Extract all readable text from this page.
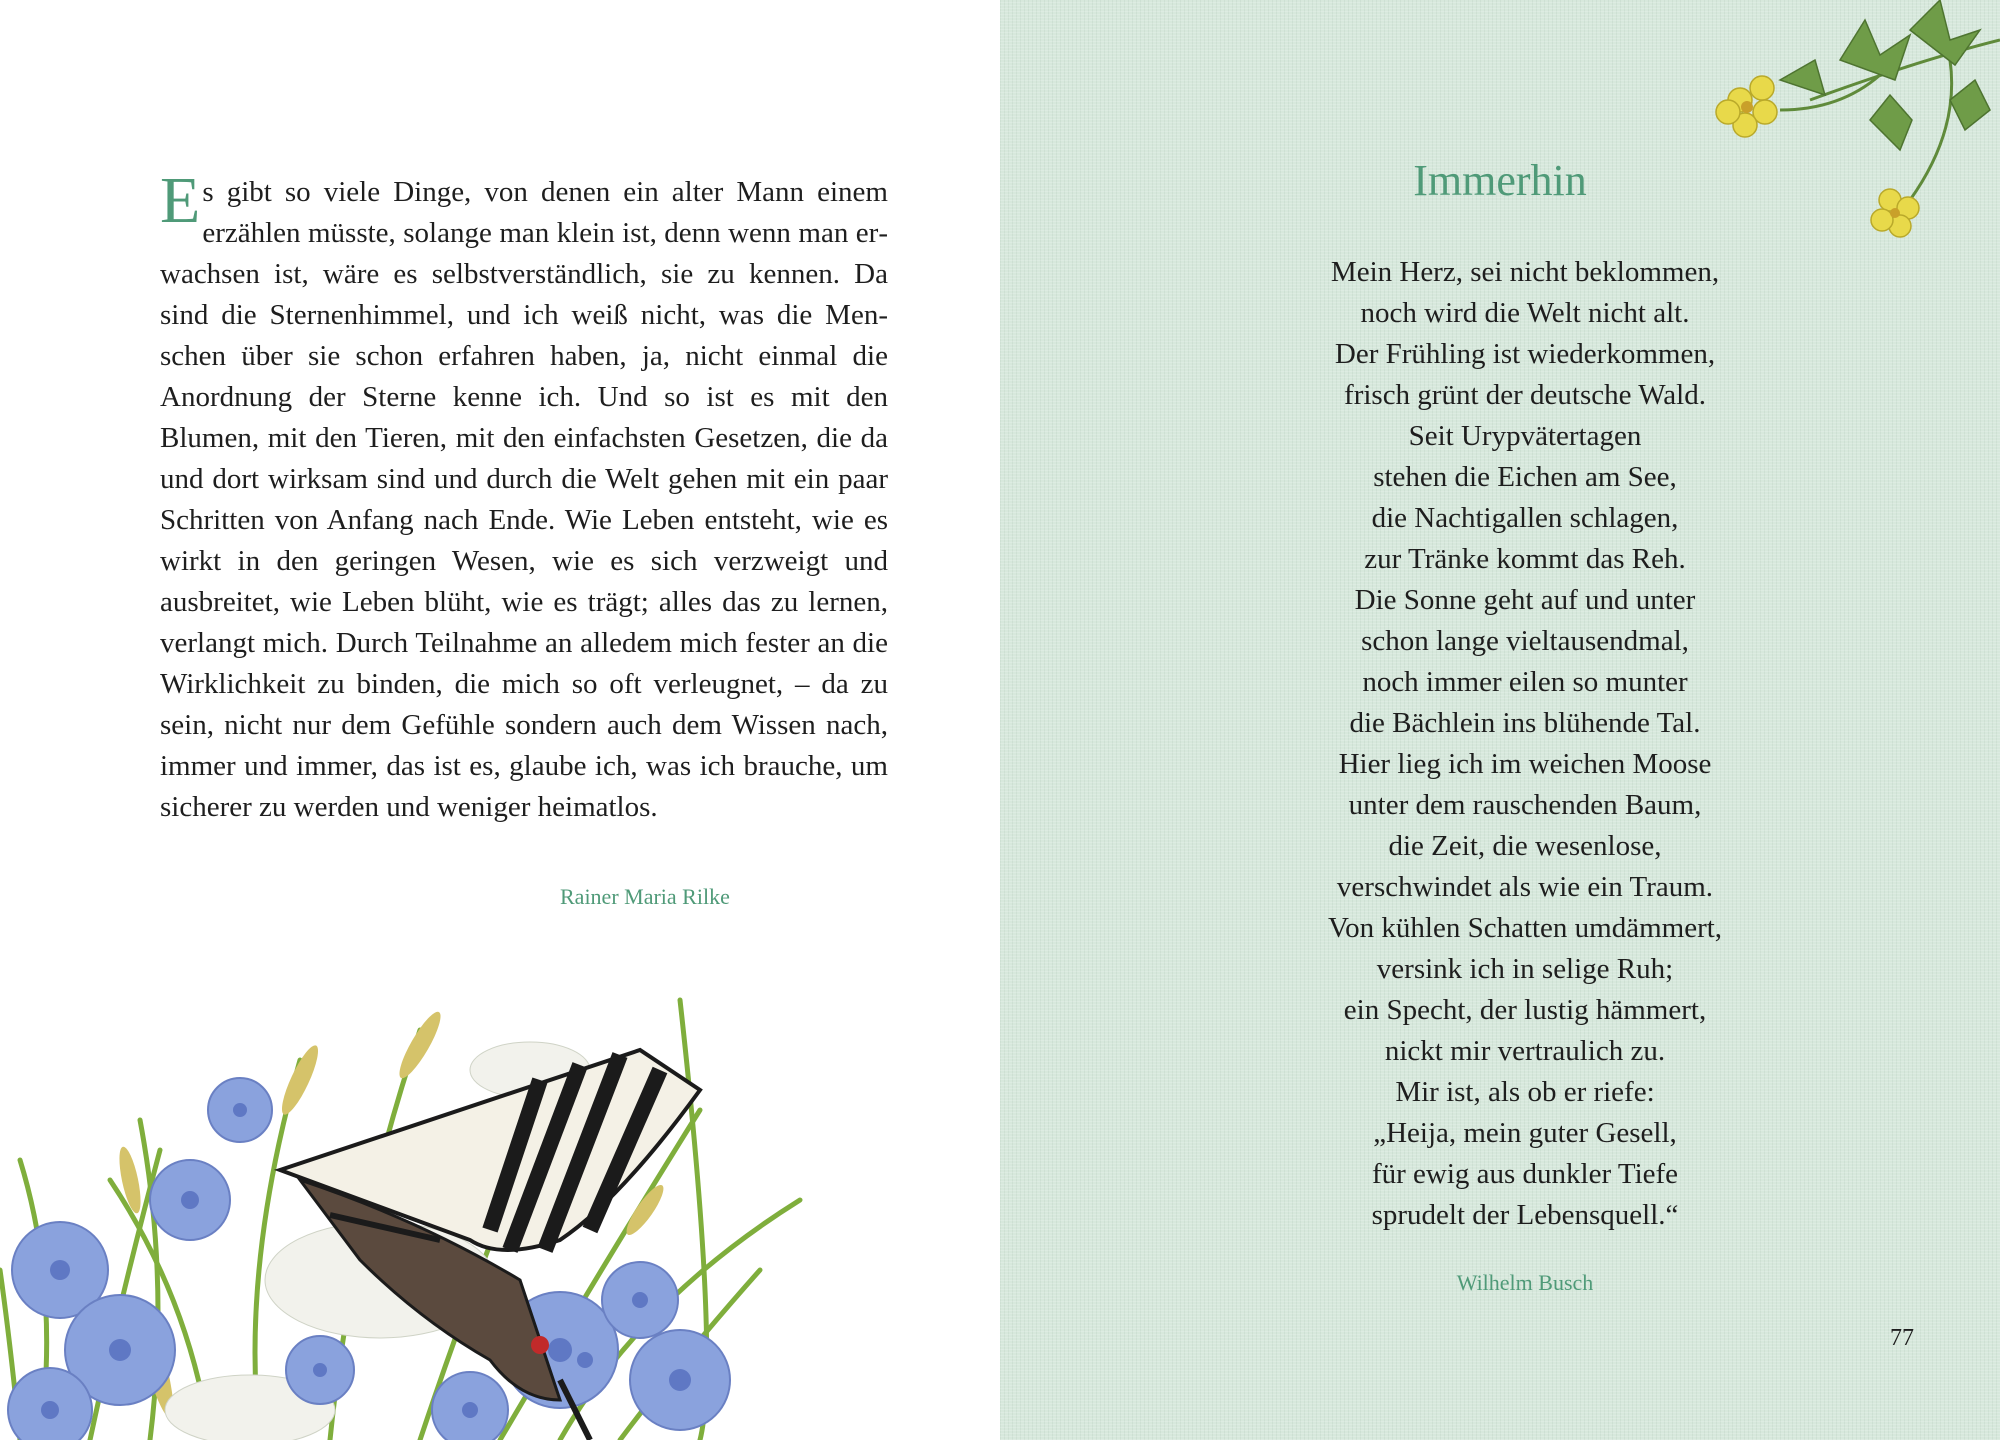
Es gibt so viele Dinge, von denen ein alter Mann einem erzählen müsste, solange man klein ist, denn wenn man erwachsen ist, wäre es selbstverständlich, sie zu kennen. Da sind die Sternenhimmel, und ich weiß nicht, was die Menschen über sie schon erfahren haben, ja, nicht einmal die Anordnung der Sterne kenne ich. Und so ist es mit den Blumen, mit den Tieren, mit den einfachsten Gesetzen, die da und dort wirksam sind und durch die Welt gehen mit ein paar Schritten von Anfang nach Ende. Wie Leben entsteht, wie es wirkt in den geringen Wesen, wie es sich verzweigt und ausbreitet, wie Leben blüht, wie es trägt; alles das zu lernen, verlangt mich. Durch Teilnahme an alledem mich fester an die Wirklichkeit zu binden, die mich so oft verleugnet, – da zu sein, nicht nur dem Gefühle sondern auch dem Wissen nach, immer und immer, das ist es, glaube ich, was ich brauche, um sicherer zu werden und weniger heimatlos.

Rainer Maria Rilke

Immerhin
Mein Herz, sei nicht beklommen,
noch wird die Welt nicht alt.
Der Frühling ist wiederkommen,
frisch grünt der deutsche Wald.
Seit Urурvätertagen
stehen die Eichen am See,
die Nachtigallen schlagen,
zur Tränke kommt das Reh.
Die Sonne geht auf und unter
schon lange vieltausendmal,
noch immer eilen so munter
die Bächlein ins blühende Tal.
Hier lieg ich im weichen Moose
unter dem rauschenden Baum,
die Zeit, die wesenlose,
verschwindet als wie ein Traum.
Von kühlen Schatten umdämmert,
versink ich in selige Ruh;
ein Specht, der lustig hämmert,
nickt mir vertraulich zu.
Mir ist, als ob er riefe:
„Heija, mein guter Gesell,
für ewig aus dunkler Tiefe
sprudelt der Lebensquell.“

Wilhelm Busch

77
